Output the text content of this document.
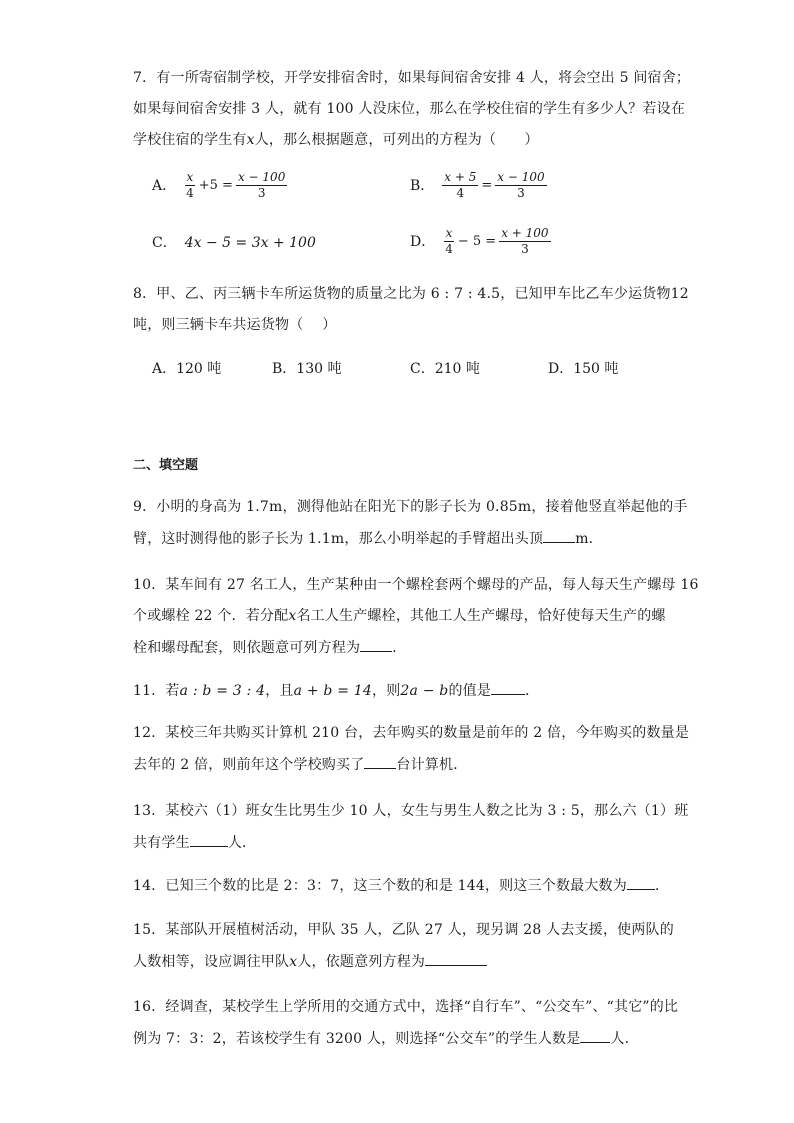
7．有一所寄宿制学校，开学安排宿舍时，如果每间宿舍安排 4 人，将会空出 5 间宿舍；
如果每间宿舍安排 3 人，就有 100 人没床位，那么在学校住宿的学生有多少人？若设在
学校住宿的学生有x人，那么根据题意，可列出的方程为（　　）
A． $\frac{x}{4} +5 = \frac{x - 100}{3}$	B． $\frac{x + 5}{4} = \frac{x - 100}{3}$
C． 4x − 5 = 3x + 100	D． $\frac{x}{4} - 5 = \frac{x + 100}{3}$
8．甲、乙、丙三辆卡车所运货物的质量之比为 6 : 7 : 4.5，已知甲车比乙车少运货物12
吨，则三辆卡车共运货物（　 ）
A．120 吨	B．130 吨	C．210 吨	D．150 吨
二、填空题
9．小明的身高为 1.7m，测得他站在阳光下的影子长为 0.85m，接着他竖直举起他的手
臂，这时测得他的影子长为 1.1m，那么小明举起的手臂超出头顶 m．
10．某车间有 27 名工人，生产某种由一个螺栓套两个螺母的产品，每人每天生产螺母 16
个或螺栓 22 个．若分配x名工人生产螺栓，其他工人生产螺母，恰好使每天生产的螺
栓和螺母配套，则依题意可列方程为 ．
11．若a : b = 3 : 4，且a + b = 14，则2a − b的值是 ．
12．某校三年共购买计算机 210 台，去年购买的数量是前年的 2 倍，今年购买的数量是
去年的 2 倍，则前年这个学校购买了 台计算机．
13．某校六（1）班女生比男生少 10 人，女生与男生人数之比为 3 : 5，那么六（1）班
共有学生	人．
14．已知三个数的比是 2：3：7，这三个数的和是 144，则这三个数最大数为 ．
15．某部队开展植树活动，甲队 35 人，乙队 27 人，现另调 28 人去支援，使两队的
人数相等，设应调往甲队x人，依题意列方程为
16．经调查，某校学生上学所用的交通方式中，选择“自行车”、“公交车”、“其它”的比
例为 7：3：2，若该校学生有 3200 人，则选择“公交车”的学生人数是 人．
